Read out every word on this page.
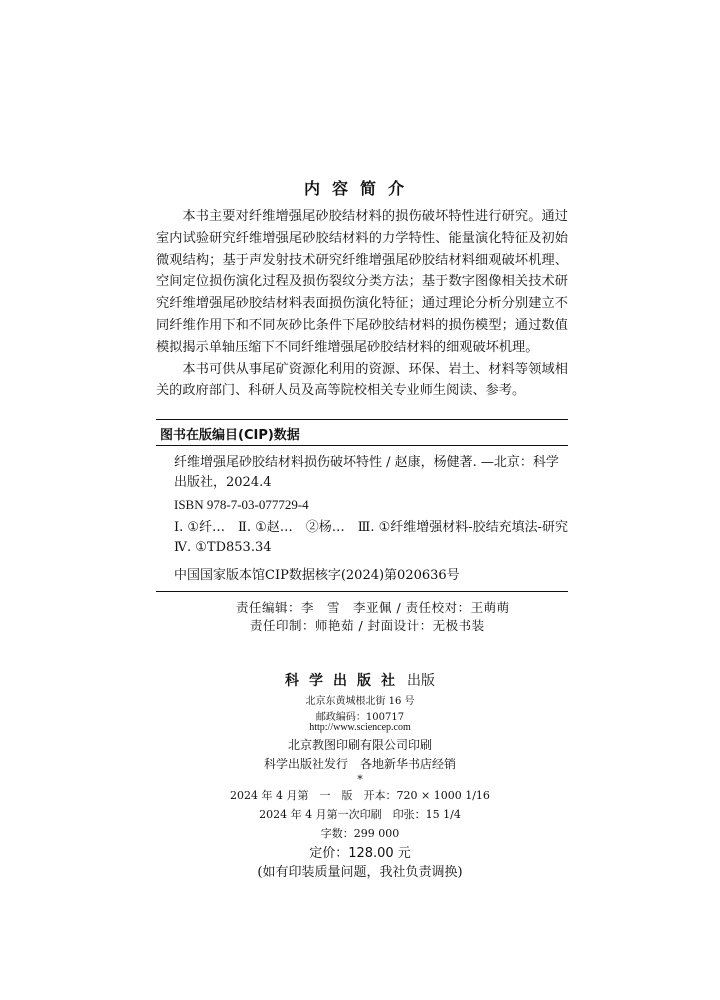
内容简介

本书主要对纤维增强尾砂胶结材料的损伤破坏特性进行研究。通过室内试验研究纤维增强尾砂胶结材料的力学特性、能量演化特征及初始微观结构；基于声发射技术研究纤维增强尾砂胶结材料细观破坏机理、空间定位损伤演化过程及损伤裂纹分类方法；基于数字图像相关技术研究纤维增强尾砂胶结材料表面损伤演化特征；通过理论分析分别建立不同纤维作用下和不同灰砂比条件下尾砂胶结材料的损伤模型；通过数值模拟揭示单轴压缩下不同纤维增强尾砂胶结材料的细观破坏机理。

本书可供从事尾矿资源化利用的资源、环保、岩土、材料等领域相关的政府部门、科研人员及高等院校相关专业师生阅读、参考。

图书在版编目(CIP)数据
纤维增强尾砂胶结材料损伤破坏特性 / 赵康，杨健著. —北京：科学出版社，2024.4
ISBN 978-7-03-077729-4
Ⅰ. ①纤…　Ⅱ. ①赵…　②杨…　Ⅲ. ①纤维增强材料-胶结充填法-研究　Ⅳ. ①TD853.34
中国国家版本馆CIP数据核字(2024)第020636号
责任编辑：李　雪　李亚佩 / 责任校对：王萌萌
责任印制：师艳茹 / 封面设计：无极书装
科学出版社 出版
北京东黄城根北街 16 号
邮政编码：100717
http://www.sciencep.com
北京教图印刷有限公司印刷
科学出版社发行　各地新华书店经销
*
2024 年 4 月第　一　版　开本：720 × 1000 1/16
2024 年 4 月第一次印刷　印张：15 1/4
字数：299 000
定价：128.00 元
(如有印装质量问题，我社负责调换)
